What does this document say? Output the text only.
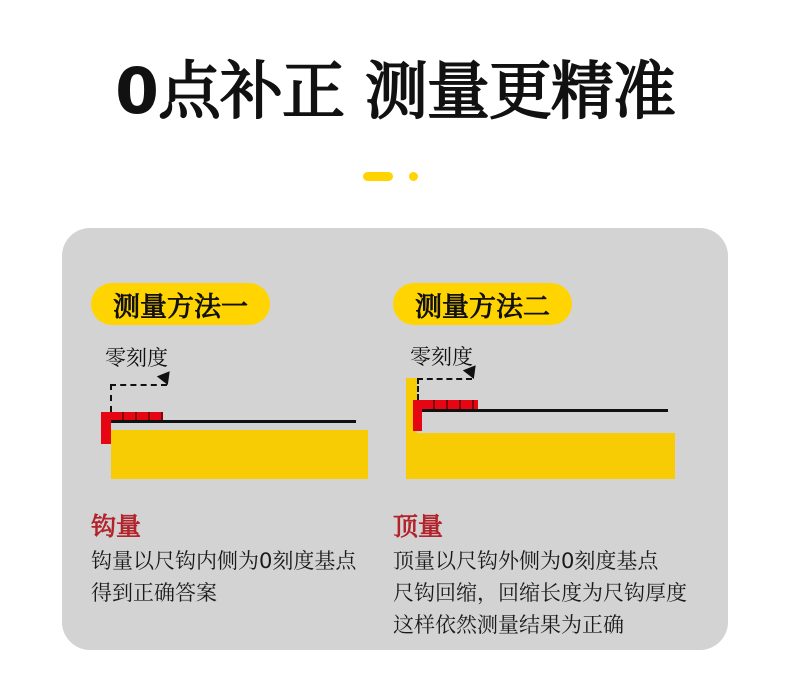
0点补正 测量更精准
测量方法一
零刻度
钩量

钩量以尺钩内侧为0刻度基点

得到正确答案

测量方法二
零刻度
顶量

顶量以尺钩外侧为0刻度基点

尺钩回缩，回缩长度为尺钩厚度

这样依然测量结果为正确
